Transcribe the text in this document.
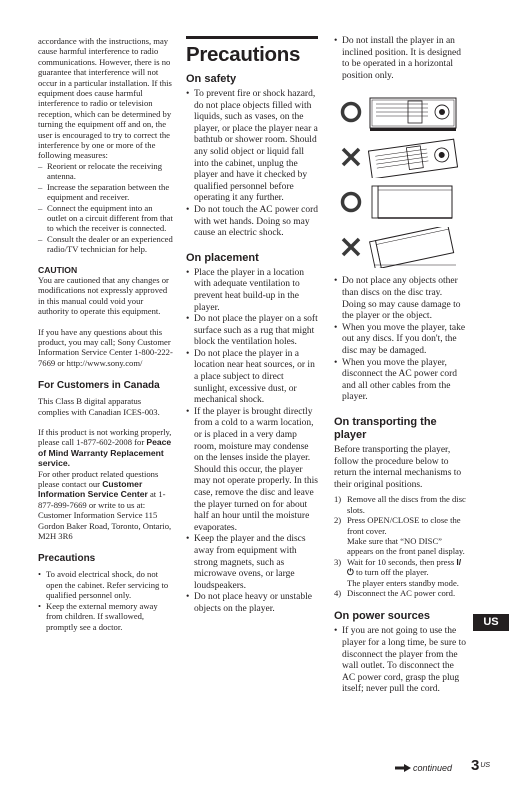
accordance with the instructions, may cause harmful interference to radio communications. However, there is no guarantee that interference will not occur in a particular installation. If this equipment does cause harmful interference to radio or television reception, which can be determined by turning the equipment off and on, the user is encouraged to try to correct the interference by one or more of the following measures:

– Reorient or relocate the receiving antenna.
– Increase the separation between the equipment and receiver.
– Connect the equipment into an outlet on a circuit different from that to which the receiver is connected.
– Consult the dealer or an experienced radio/TV technician for help.
CAUTION

You are cautioned that any changes or modifications not expressly approved in this manual could void your authority to operate this equipment.

If you have any questions about this product, you may call; Sony Customer Information Service Center 1-800-222-7669 or http://www.sony.com/

For Customers in Canada

This Class B digital apparatus complies with Canadian ICES-003.

If this product is not working properly, please call 1-877-602-2008 for Peace of Mind Warranty Replacement service.

For other product related questions please contact our Customer Information Service Center at 1-877-899-7669 or write to us at: Customer Information Service 115 Gordon Baker Road, Toronto, Ontario, M2H 3R6

Precautions
• To avoid electrical shock, do not open the cabinet. Refer servicing to qualified personnel only.
• Keep the external memory away from children. If swallowed, promptly see a doctor.
Precautions
On safety
• To prevent fire or shock hazard, do not place objects filled with liquids, such as vases, on the player, or place the player near a bathtub or shower room. Should any solid object or liquid fall into the cabinet, unplug the player and have it checked by qualified personnel before operating it any further.
• Do not touch the AC power cord with wet hands. Doing so may cause an electric shock.
On placement
• Place the player in a location with adequate ventilation to prevent heat build-up in the player.
• Do not place the player on a soft surface such as a rug that might block the ventilation holes.
• Do not place the player in a location near heat sources, or in a place subject to direct sunlight, excessive dust, or mechanical shock.
• If the player is brought directly from a cold to a warm location, or is placed in a very damp room, moisture may condense on the lenses inside the player. Should this occur, the player may not operate properly. In this case, remove the disc and leave the player turned on for about half an hour until the moisture evaporates.
• Keep the player and the discs away from equipment with strong magnets, such as microwave ovens, or large loudspeakers.
• Do not place heavy or unstable objects on the player.
• Do not install the player in an inclined position. It is designed to be operated in a horizontal position only.
• Do not place any objects other than discs on the disc tray. Doing so may cause damage to the player or the object.
• When you move the player, take out any discs. If you don't, the disc may be damaged.
• When you move the player, disconnect the AC power cord and all other cables from the player.
On transporting the player

Before transporting the player, follow the procedure below to return the internal mechanisms to their original positions.

1) Remove all the discs from the disc slots.
2) Press OPEN/CLOSE to close the front cover.
Make sure that “NO DISC” appears on the front panel display.
3) Wait for 10 seconds, then press I/⏻ to turn off the player.
The player enters standby mode.
4) Disconnect the AC power cord.
On power sources
• If you are not going to use the player for a long time, be sure to disconnect the player from the wall outlet. To disconnect the AC power cord, grasp the plug itself; never pull the cord.
US
continued $3^{US}$
